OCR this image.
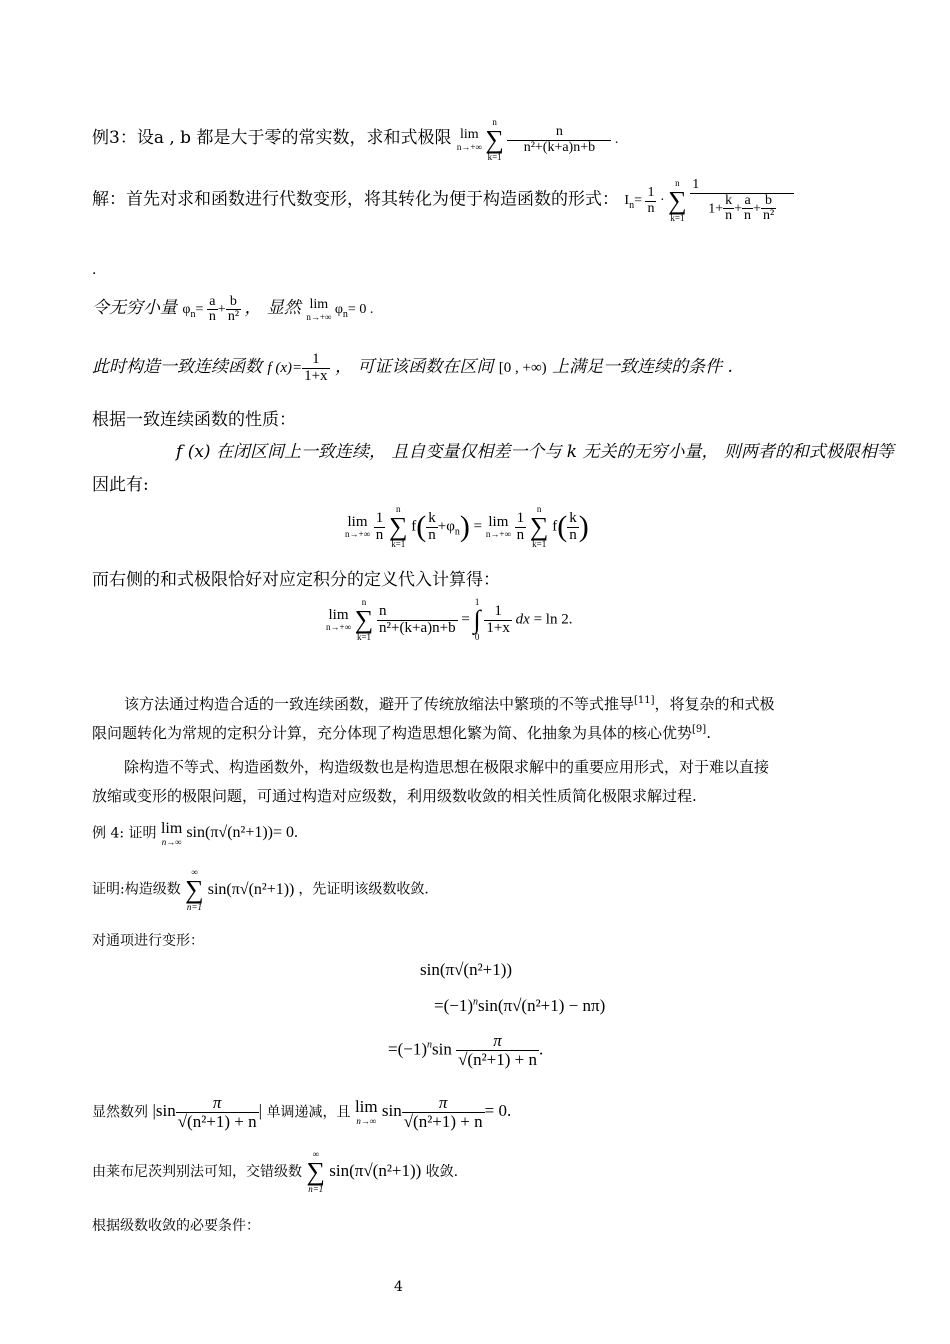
例3：设a , b 都是大于零的常实数，求和式极限 lim
n→+∞

n
∑
k=1

$\frac{n}{\text{n²+(k+a)n+b}}$ .
解：首先对求和函数进行代数变形，将其转化为便于构造函数的形式： $I_n= \frac{1}{n}$ ·
n
∑
k=1
$\frac{1}{1+ \frac{k}{n} + \frac{a}{n} + \frac{b}{\text{n²}}}$
.
令无穷小量 $\varphi_n= \frac{a}{n} + \frac{b}{\text{n²}}$ ， 显然 lim
n→+∞ $\varphi_n= 0$ .
此时构造一致连续函数 f $(x)= \frac{1}{1+x}$ ， 可证该函数在区间 [0 , +∞) 上满足一致连续的条件 .
根据一致连续函数的性质：
f (x) 在闭区间上一致连续， 且自变量仅相差一个与 k 无关的无穷小量， 则两者的和式极限相等
因此有:
lim
n→+∞
$\frac{1}{n}$

n
∑
k=1
$f( \frac{k}{n} +\varphi_n) = \lim$
n→+∞
$\frac{1}{n}$

n
∑
k=1
$f( \frac{k}{n}$ )
而右侧的和式极限恰好对应定积分的定义代入计算得：
lim
n→+∞

n
∑
k=1

$\frac{n}{\text{n²+(k+a)n+b}}$ =
1
∫
0

$\frac{1}{1+x}$ dx = ln 2.
该方法通过构造合适的一致连续函数，避开了传统放缩法中繁琐的不等式推导[11]，将复杂的和式极
限问题转化为常规的定积分计算，充分体现了构造思想化繁为简、化抽象为具体的核心优势[9].
除构造不等式、构造函数外，构造级数也是构造思想在极限求解中的重要应用形式，对于难以直接
放缩或变形的极限问题，可通过构造对应级数，利用级数收敛的相关性质简化极限求解过程.
例 4: 证明 lim
n→∞
sin(π√(n²+1))= 0.
证明:构造级数
∞
∑
n=1
sin(π√(n²+1)) ，先证明该级数收敛.
对通项进行变形：
sin(π√(n²+1))
$=(-1)^n\sin(\pi√(n^2+1) - n\pi)$
$=(-1)^n\sin \frac{\pi}{\text{√(n²+1) + n}}$ .
显然数列 $|\sin \frac{\pi}{\text{√(n²+1) + n}}$ | 单调递减，且 lim
n→∞
$\sin \frac{\pi}{\text{√(n²+1) + n}} = 0$.
由莱布尼茨判别法可知，交错级数
∞
∑
n=1
sin(π√(n²+1)) 收敛.
根据级数收敛的必要条件：
4
